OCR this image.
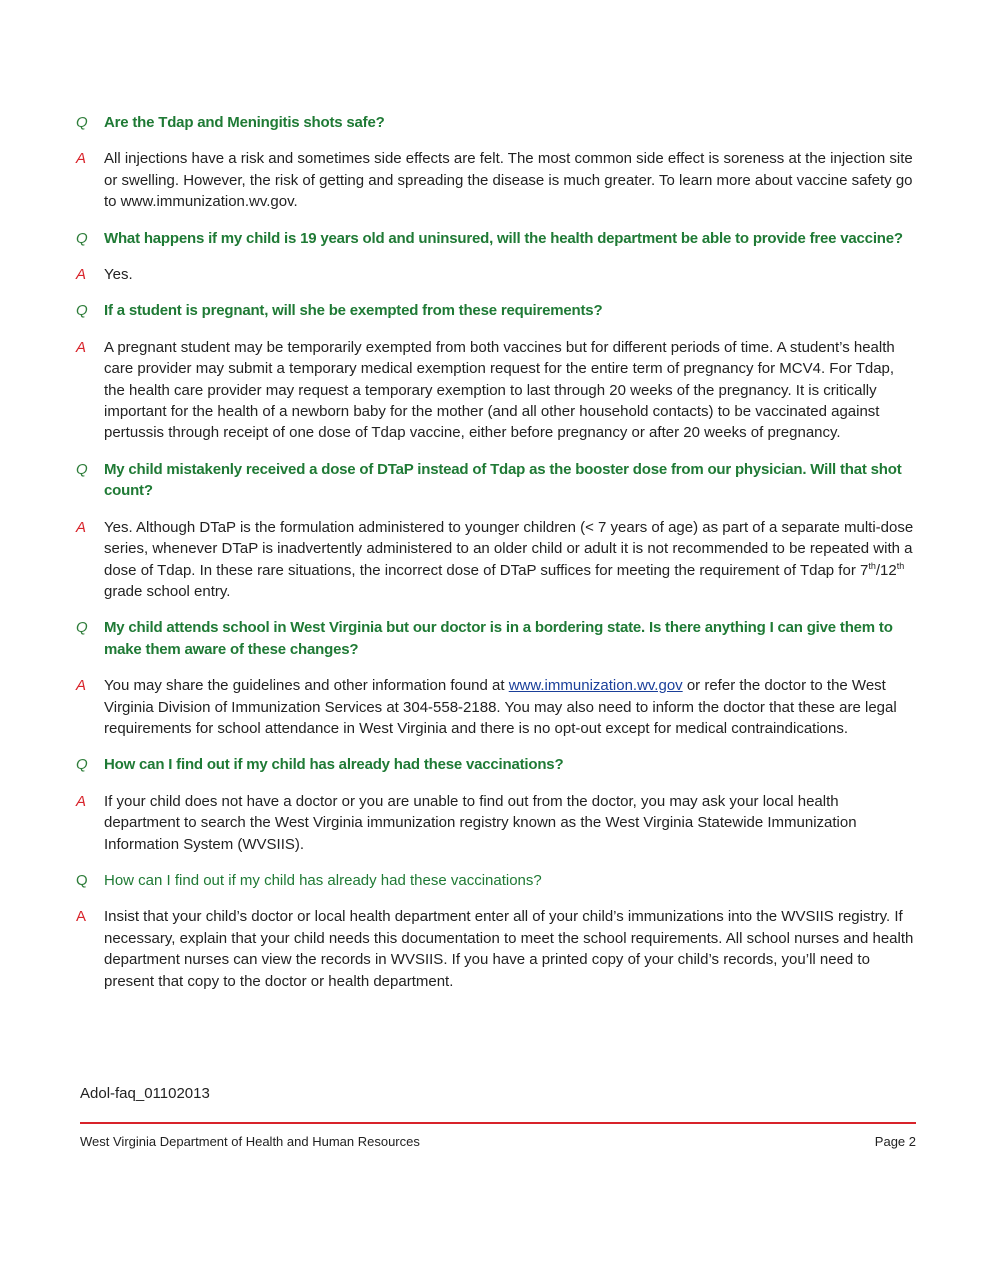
Q	Are the Tdap and Meningitis shots safe?
A	All injections have a risk and sometimes side effects are felt. The most common side effect is soreness at the injection site or swelling. However, the risk of getting and spreading the disease is much greater. To learn more about vaccine safety go to www.immunization.wv.gov.
Q	What happens if my child is 19 years old and uninsured, will the health department be able to provide free vaccine?
A	Yes.
Q	If a student is pregnant, will she be exempted from these requirements?
A	A pregnant student may be temporarily exempted from both vaccines but for different periods of time. A student’s health care provider may submit a temporary medical exemption request for the entire term of pregnancy for MCV4. For Tdap, the health care provider may request a temporary exemption to last through 20 weeks of the pregnancy. It is critically important for the health of a newborn baby for the mother (and all other household contacts) to be vaccinated against pertussis through receipt of one dose of Tdap vaccine, either before pregnancy or after 20 weeks of pregnancy.
Q	My child mistakenly received a dose of DTaP instead of Tdap as the booster dose from our physician. Will that shot count?
A	Yes. Although DTaP is the formulation administered to younger children (< 7 years of age) as part of a separate multi-dose series, whenever DTaP is inadvertently administered to an older child or adult it is not recommended to be repeated with a dose of Tdap. In these rare situations, the incorrect dose of DTaP suffices for meeting the requirement of Tdap for 7th/12th grade school entry.
Q	My child attends school in West Virginia but our doctor is in a bordering state. Is there anything I can give them to make them aware of these changes?
A	You may share the guidelines and other information found at www.immunization.wv.gov or refer the doctor to the West Virginia Division of Immunization Services at 304-558-2188. You may also need to inform the doctor that these are legal requirements for school attendance in West Virginia and there is no opt-out except for medical contraindications.
Q	How can I find out if my child has already had these vaccinations?
A	If your child does not have a doctor or you are unable to find out from the doctor, you may ask your local health department to search the West Virginia immunization registry known as the West Virginia Statewide Immunization Information System (WVSIIS).
Q	How can I find out if my child has already had these vaccinations?
A	Insist that your child’s doctor or local health department enter all of your child’s immunizations into the WVSIIS registry. If necessary, explain that your child needs this documentation to meet the school requirements. All school nurses and health department nurses can view the records in WVSIIS. If you have a printed copy of your child’s records, you’ll need to present that copy to the doctor or health department.
Adol-faq_01102013
West Virginia Department of Health and Human Resources	Page 2
